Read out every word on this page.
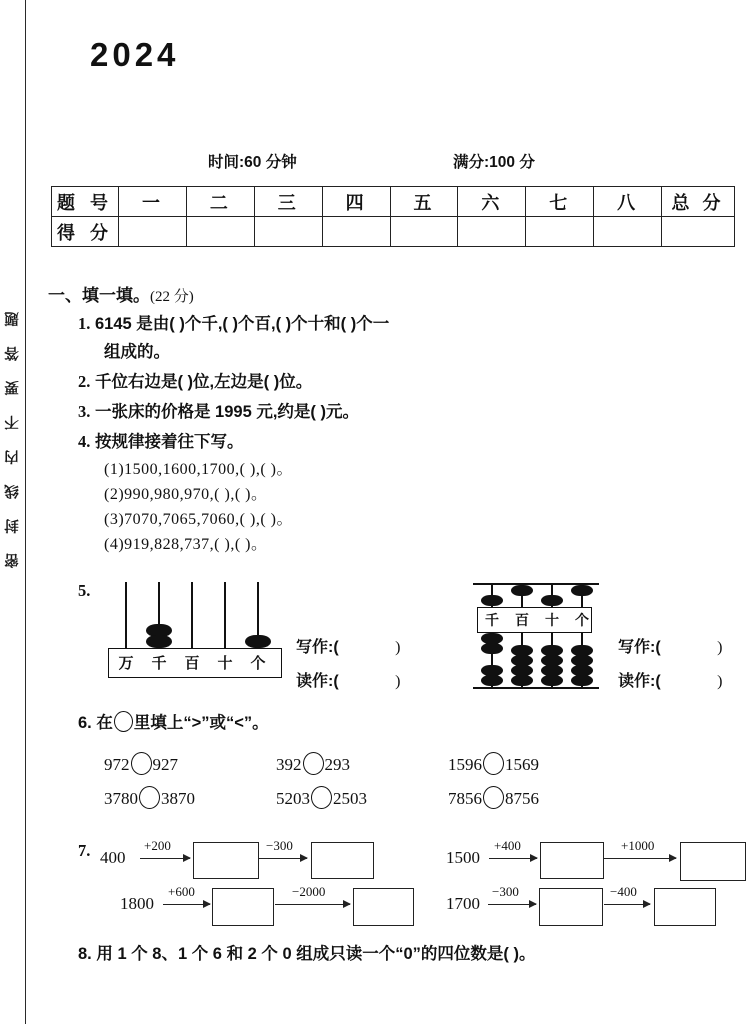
密封线内不要答题
2024
时间:60 分钟	满分:100 分
题 号	一	二	三	四	五	六	七	八	总 分
得 分									
一、填一填。(22 分)
1. 6145 是由( )个千,( )个百,( )个十和( )个一
组成的。
2. 千位右边是( )位,左边是( )位。
3. 一张床的价格是 1995 元,约是( )元。
4. 按规律接着往下写。
(1)1500,1600,1700,( ),( )。
(2)990,980,970,( ),( )。
(3)7070,7065,7060,( ),( )。
(4)919,828,737,( ),( )。
5.
万	千	百	十	个
写作:(	)
读作:(	)
千	百	十	个
写作:(	)
读作:(	)
6. 在 里填上“>”或“<”。
972 927	392 293	1596 1569
3780 3870	5203 2503	7856 8756
7. 400
+200	−300
1500
+400	+1000
1800
+600	−2000
1700
−300	−400
8. 用 1 个 8、1 个 6 和 2 个 0 组成只读一个“0”的四位数是( )。
